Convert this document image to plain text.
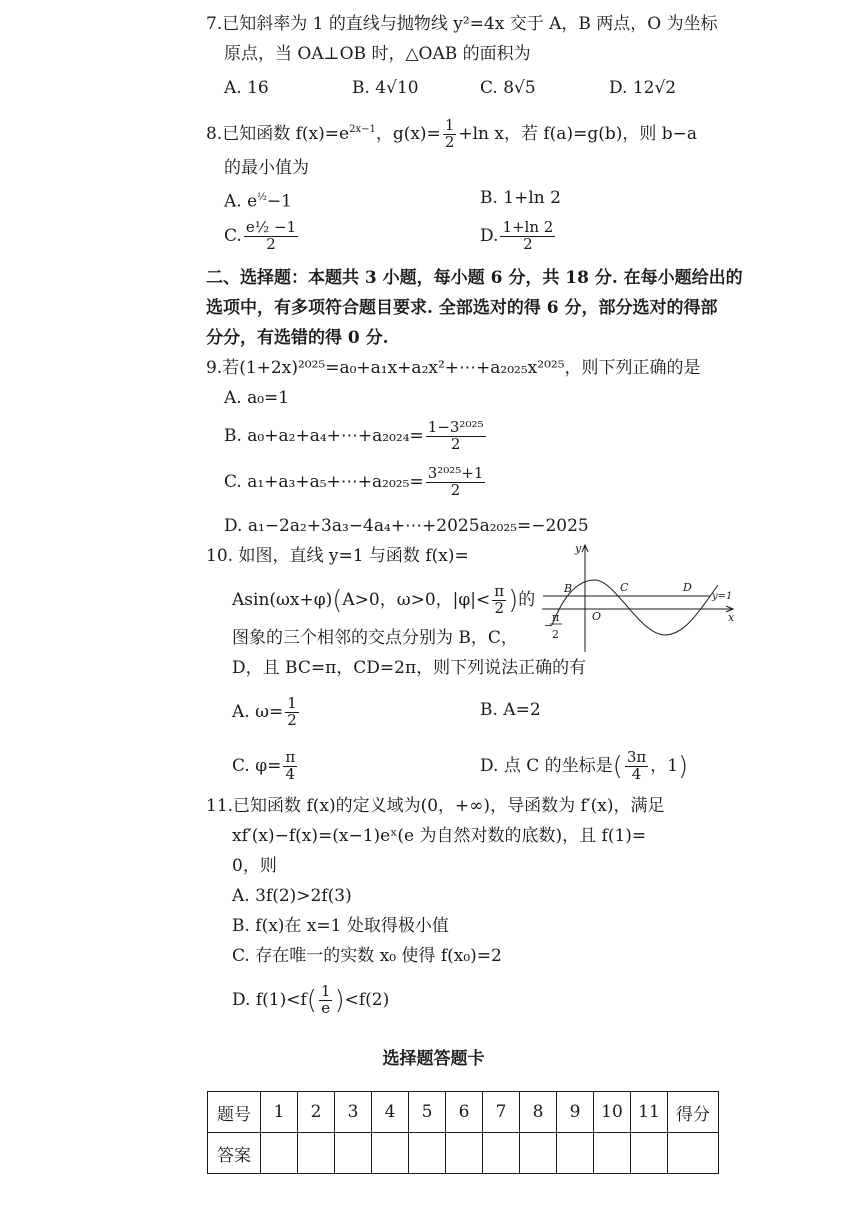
7.已知斜率为 1 的直线与抛物线 y²=4x 交于 A，B 两点，O 为坐标
原点，当 OA⊥OB 时，△OAB 的面积为
A. 16	B. 4√10	C. 8√5	D. 12√2
8.已知函数 $f(x)=e^{2x-1}$，$g(x)= \frac{1}{2} +\ln$ x，若 f(a)=g(b)，则 b−a
的最小值为
A. $e^{\frac{1}{2}}-1$	B. 1+ln 2
C. $\frac{\text{e½ −1}}{2}$	D. $\frac{1+\ln 2}{2}$
二、选择题：本题共 3 小题，每小题 6 分，共 18 分. 在每小题给出的
选项中，有多项符合题目要求. 全部选对的得 6 分，部分选对的得部
分分，有选错的得 0 分.
9.若(1+2x)²⁰²⁵=a₀+a₁x+a₂x²+⋯+a₂₀₂₅x²⁰²⁵，则下列正确的是
A. a₀=1
B. a₀+a₂+a₄+⋯+a₂₀₂₄= $\frac{\text{1−3²⁰²⁵}}{2}$
C. a₁+a₃+a₅+⋯+a₂₀₂₅= $\frac{\text{3²⁰²⁵+1}}{2}$
D. a₁−2a₂+3a₃−4a₄+⋯+2025a₂₀₂₅=−2025
10. 如图，直线 y=1 与函数 f(x)=
Asin(ωx+φ)(A>0，ω>0，$|\varphi|< \frac{\pi}{2}$ )的
图象的三个相邻的交点分别为 B，C，
D，且 BC=π，CD=2π，则下列说法正确的有
y
x
O
B	C	D
y=1
−
π
2
A. $\omega= \frac{1}{2}$	B. A=2
C. $\varphi= \frac{\pi}{4}$	D. 点 C 的坐标是( $\frac{3\pi}{4}$ ，1)
11.已知函数 f(x)的定义域为(0，+∞)，导函数为 f′(x)，满足
xf′(x)−f(x)=(x−1)eˣ(e 为自然对数的底数)，且 f(1)=
0，则
A. 3f(2)>2f(3)
B. f(x)在 x=1 处取得极小值
C. 存在唯一的实数 x₀ 使得 f(x₀)=2
D. $f(1)<f( \frac{1}{e} )<f(2)$
选择题答题卡
题号	1	2	3	4	5	6	7	8	9	10	11	得分
答案												
